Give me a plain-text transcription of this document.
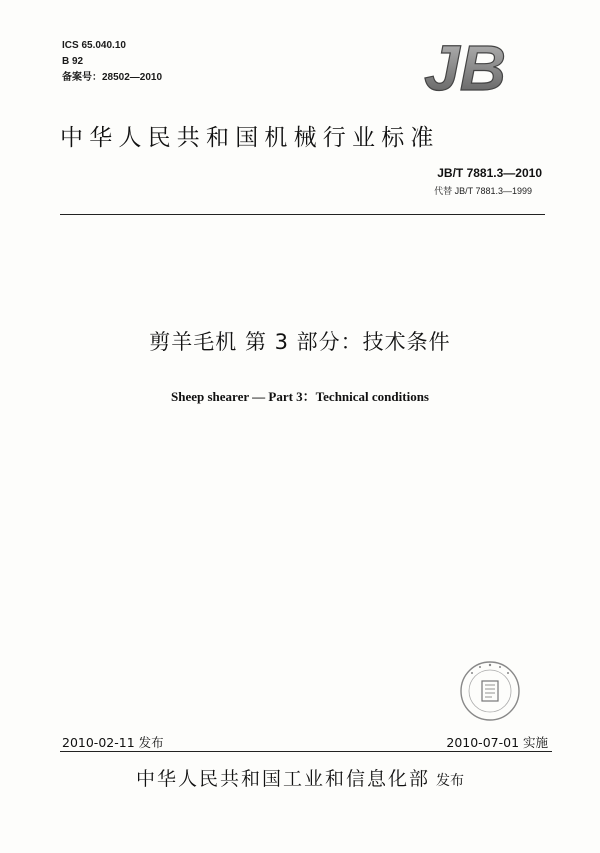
ICS 65.040.10
B 92
备案号：28502—2010	JB
中华人民共和国机械行业标准
JB/T 7881.3—2010
代替 JB/T 7881.3—1999
剪羊毛机 第 3 部分：技术条件
Sheep shearer — Part 3：Technical conditions
2010-02-11 发布	2010-07-01 实施
中华人民共和国工业和信息化部 发布
